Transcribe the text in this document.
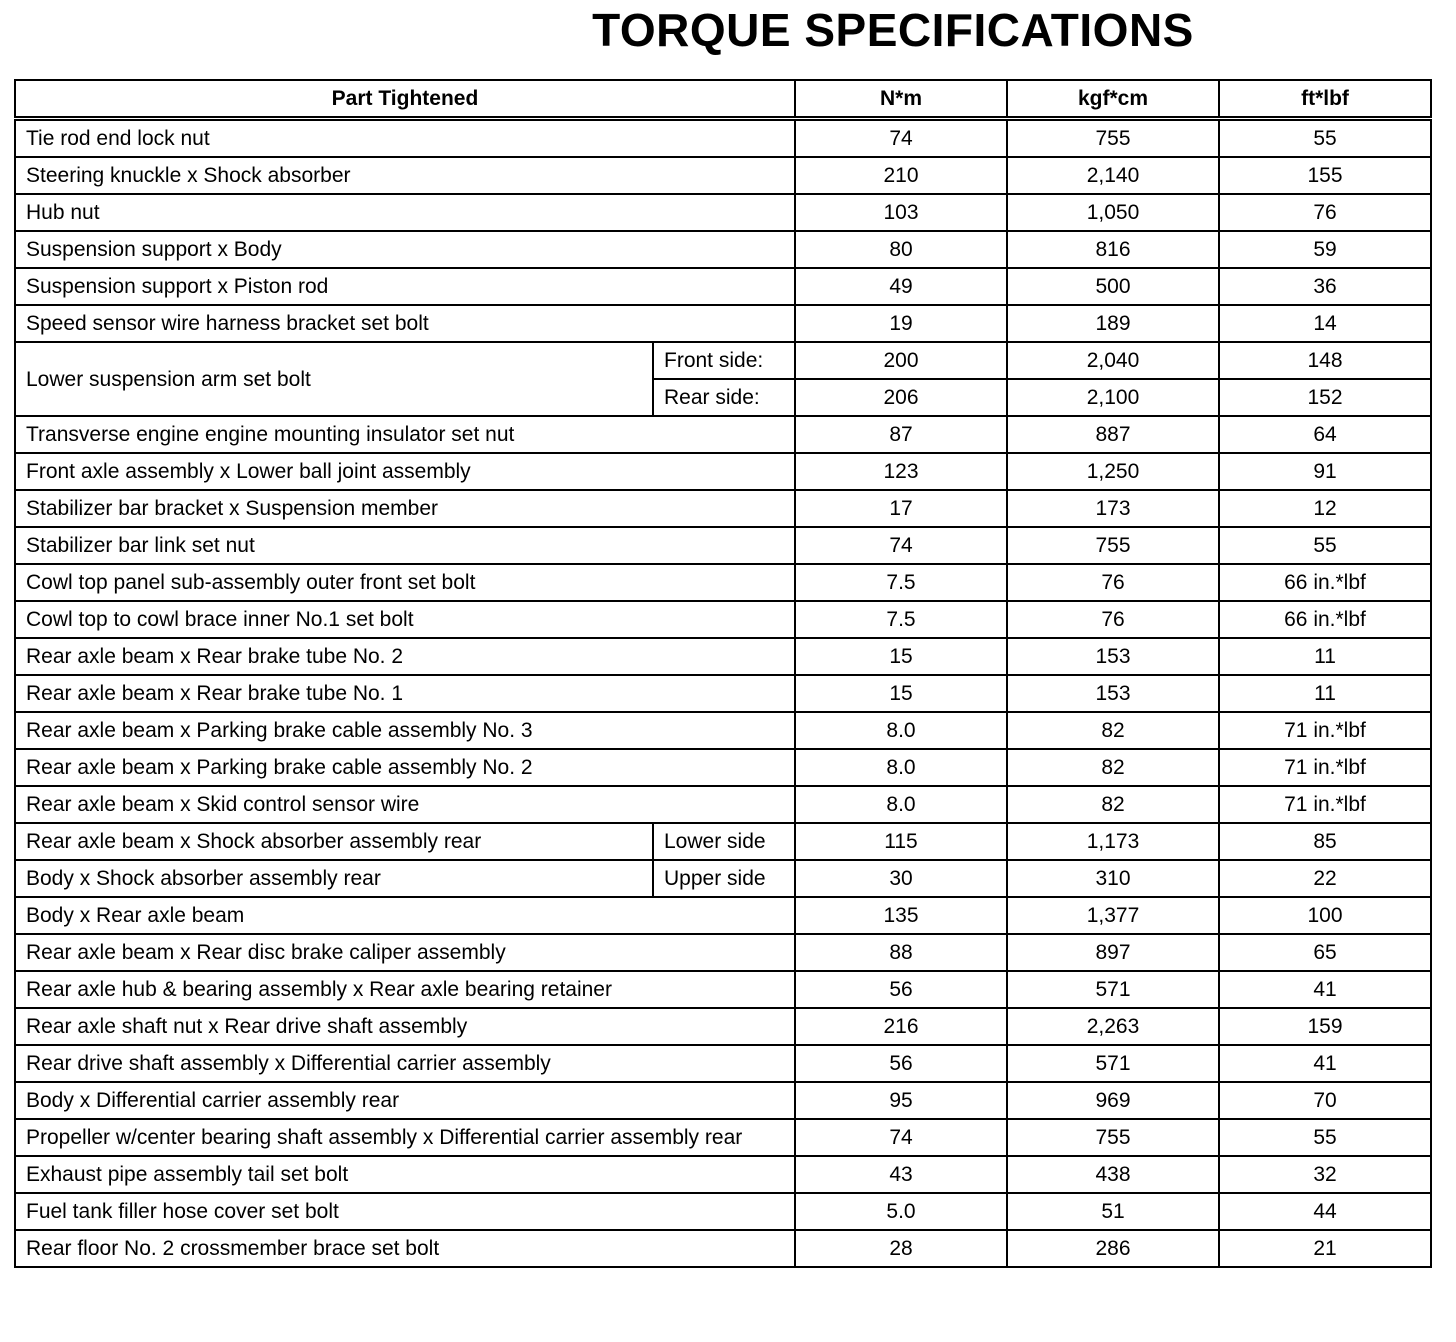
TORQUE SPECIFICATIONS
Part Tightened		N*m	kgf*cm	ft*lbf
Tie rod end lock nut		74	755	55
Steering knuckle x Shock absorber		210	2,140	155
Hub nut		103	1,050	76
Suspension support x Body		80	816	59
Suspension support x Piston rod		49	500	36
Speed sensor wire harness bracket set bolt		19	189	14
Lower suspension arm set bolt	Front side:	200	2,040	148
	Rear side:	206	2,100	152
Transverse engine engine mounting insulator set nut		87	887	64
Front axle assembly x Lower ball joint assembly		123	1,250	91
Stabilizer bar bracket x Suspension member		17	173	12
Stabilizer bar link set nut		74	755	55
Cowl top panel sub-assembly outer front set bolt		7.5	76	66 in.*lbf
Cowl top to cowl brace inner No.1 set bolt		7.5	76	66 in.*lbf
Rear axle beam x Rear brake tube No. 2		15	153	11
Rear axle beam x Rear brake tube No. 1		15	153	11
Rear axle beam x Parking brake cable assembly No. 3		8.0	82	71 in.*lbf
Rear axle beam x Parking brake cable assembly No. 2		8.0	82	71 in.*lbf
Rear axle beam x Skid control sensor wire		8.0	82	71 in.*lbf
Rear axle beam x Shock absorber assembly rear	Lower side	115	1,173	85
Body x Shock absorber assembly rear	Upper side	30	310	22
Body x Rear axle beam		135	1,377	100
Rear axle beam x Rear disc brake caliper assembly		88	897	65
Rear axle hub & bearing assembly x Rear axle bearing retainer		56	571	41
Rear axle shaft nut x Rear drive shaft assembly		216	2,263	159
Rear drive shaft assembly x Differential carrier assembly		56	571	41
Body x Differential carrier assembly rear		95	969	70
Propeller w/center bearing shaft assembly x Differential carrier assembly rear		74	755	55
Exhaust pipe assembly tail set bolt		43	438	32
Fuel tank filler hose cover set bolt		5.0	51	44
Rear floor No. 2 crossmember brace set bolt		28	286	21
